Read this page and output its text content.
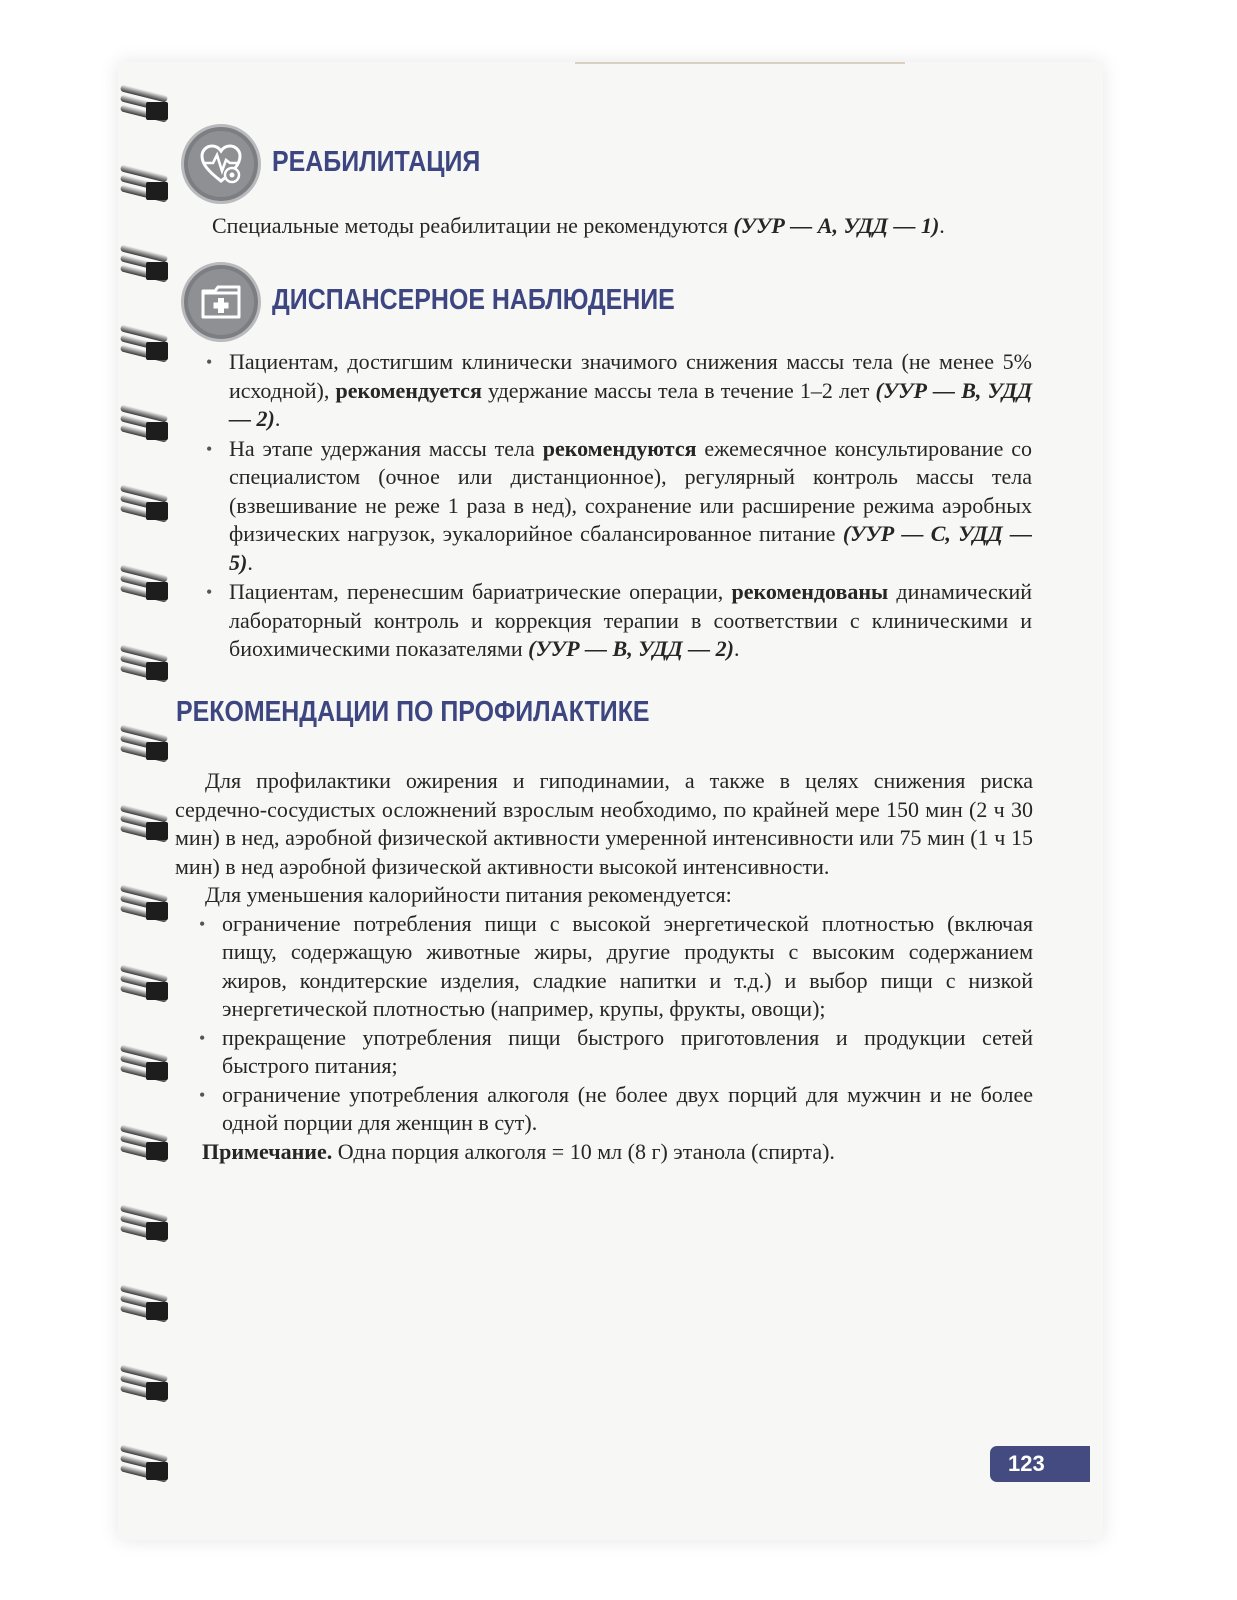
РЕАБИЛИТАЦИЯ
Специальные методы реабилитации не рекомендуются (УУР — А, УДД — 1).
ДИСПАНСЕРНОЕ НАБЛЮДЕНИЕ
• Пациентам, достигшим клинически значимого снижения массы тела (не менее 5% исходной), рекомендуется удержание массы тела в течение 1–2 лет (УУР — В, УДД — 2).
• На этапе удержания массы тела рекомендуются ежемесячное консультирование со специалистом (очное или дистанционное), регулярный контроль массы тела (взвешивание не реже 1 раза в нед), сохранение или расширение режима аэробных физических нагрузок, эукалорийное сбалансированное питание (УУР — С, УДД — 5).
• Пациентам, перенесшим бариатрические операции, рекомендованы динамический лабораторный контроль и коррекция терапии в соответствии с клиническими и биохимическими показателями (УУР — В, УДД — 2).
РЕКОМЕНДАЦИИ ПО ПРОФИЛАКТИКЕ

Для профилактики ожирения и гиподинамии, а также в целях снижения риска сердечно-сосудистых осложнений взрослым необходимо, по крайней мере 150 мин (2 ч 30 мин) в нед, аэробной физической активности умеренной интенсивности или 75 мин (1 ч 15 мин) в нед аэробной физической активности высокой интенсивности.

Для уменьшения калорийности питания рекомендуется:

• ограничение потребления пищи с высокой энергетической плотностью (включая пищу, содержащую животные жиры, другие продукты с высоким содержанием жиров, кондитерские изделия, сладкие напитки и т.д.) и выбор пищи с низкой энергетической плотностью (например, крупы, фрукты, овощи);
• прекращение употребления пищи быстрого приготовления и продукции сетей быстрого питания;
• ограничение употребления алкоголя (не более двух порций для мужчин и не более одной порции для женщин в сут).

Примечание. Одна порция алкоголя = 10 мл (8 г) этанола (спирта).

123
